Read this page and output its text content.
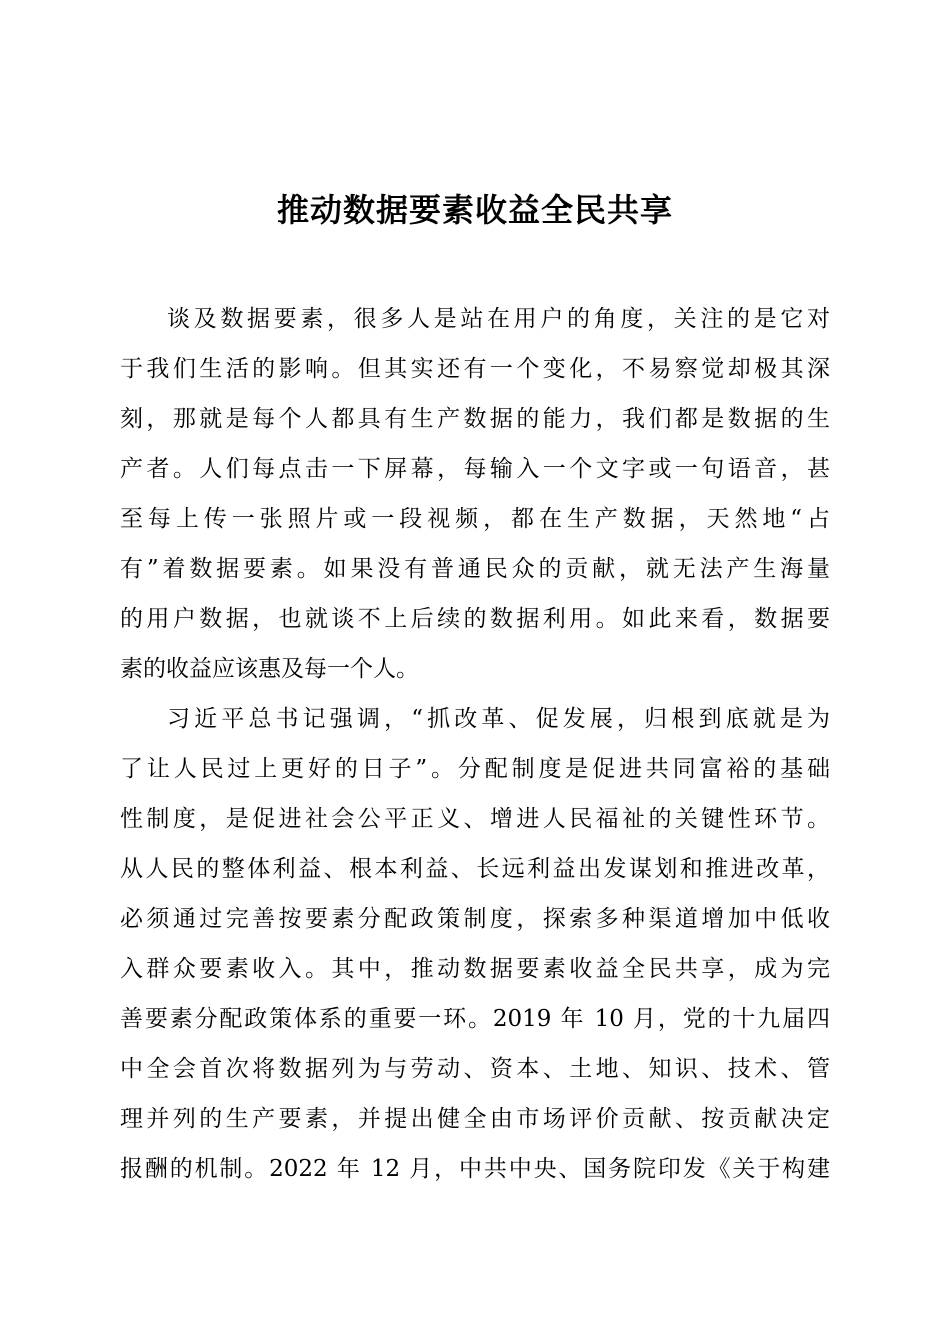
推动数据要素收益全民共享
谈及数据要素，很多人是站在用户的角度，关注的是它对
于我们生活的影响。但其实还有一个变化，不易察觉却极其深
刻，那就是每个人都具有生产数据的能力，我们都是数据的生
产者。人们每点击一下屏幕，每输入一个文字或一句语音，甚
至每上传一张照片或一段视频，都在生产数据，天然地“占
有”着数据要素。如果没有普通民众的贡献，就无法产生海量
的用户数据，也就谈不上后续的数据利用。如此来看，数据要
素的收益应该惠及每一个人。
习近平总书记强调，“抓改革、促发展，归根到底就是为
了让人民过上更好的日子”。分配制度是促进共同富裕的基础
性制度，是促进社会公平正义、增进人民福祉的关键性环节。
从人民的整体利益、根本利益、长远利益出发谋划和推进改革，
必须通过完善按要素分配政策制度，探索多种渠道增加中低收
入群众要素收入。其中，推动数据要素收益全民共享，成为完
善要素分配政策体系的重要一环。2019 年 10 月，党的十九届四
中全会首次将数据列为与劳动、资本、土地、知识、技术、管
理并列的生产要素，并提出健全由市场评价贡献、按贡献决定
报酬的机制。2022 年 12 月，中共中央、国务院印发《关于构建
